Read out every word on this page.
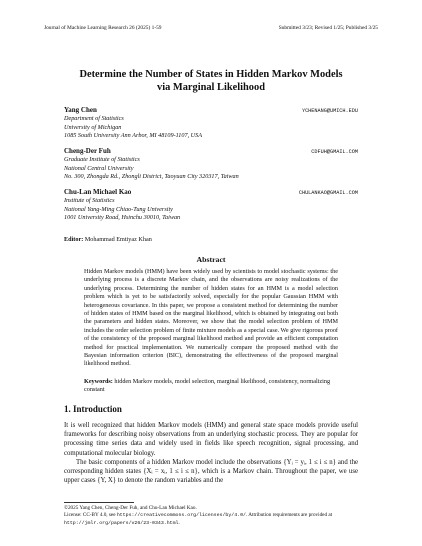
Journal of Machine Learning Research 26 (2025) 1-59	Submitted 3/23; Revised 1/25; Published 3/25
Determine the Number of States in Hidden Markov Models
via Marginal Likelihood
Yang Chen	YCHENANG@UMICH.EDU
Department of Statistics
University of Michigan
1085 South University Ann Arbor, MI 48109-1107, USA
Cheng-Der Fuh	CDFUH@GMAIL.COM
Graduate Institute of Statistics
National Central University
No. 300, Zhongda Rd., Zhongli District, Taoyuan City 320317, Taiwan
Chu-Lan Michael Kao	CHULANKAO@GMAIL.COM
Institute of Statistics
National Yang-Ming Chiao-Tung University
1001 University Road, Hsinchu 30010, Taiwan
Editor: Mohammad Emtiyaz Khan
Abstract
Hidden Markov models (HMM) have been widely used by scientists to model stochastic systems: the underlying process is a discrete Markov chain, and the observations are noisy realizations of the underlying process. Determining the number of hidden states for an HMM is a model selection problem which is yet to be satisfactorily solved, especially for the popular Gaussian HMM with heterogeneous covariance. In this paper, we propose a consistent method for determining the number of hidden states of HMM based on the marginal likelihood, which is obtained by integrating out both the parameters and hidden states. Moreover, we show that the model selection problem of HMM includes the order selection problem of finite mixture models as a special case. We give rigorous proof of the consistency of the proposed marginal likelihood method and provide an efficient computation method for practical implementation. We numerically compare the proposed method with the Bayesian information criterion (BIC), demonstrating the effectiveness of the proposed marginal likelihood method.
Keywords: hidden Markov models, model selection, marginal likelihood, consistency, normalizing constant
1. Introduction

It is well recognized that hidden Markov models (HMM) and general state space models provide useful frameworks for describing noisy observations from an underlying stochastic process. They are popular for processing time series data and widely used in fields like speech recognition, signal processing, and computational molecular biology.

The basic components of a hidden Markov model include the observations {Yᵢ = yᵢ, 1 ≤ i ≤ n} and the corresponding hidden states {Xᵢ = xᵢ, 1 ≤ i ≤ n}, which is a Markov chain. Throughout the paper, we use upper cases {Y, X} to denote the random variables and the

©2025 Yang Chen, Cheng-Der Fuh, and Chu-Lan Michael Kao.
License: CC-BY 4.0, see https://creativecommons.org/licenses/by/4.0/. Attribution requirements are provided at http://jmlr.org/papers/v26/23-0343.html.
